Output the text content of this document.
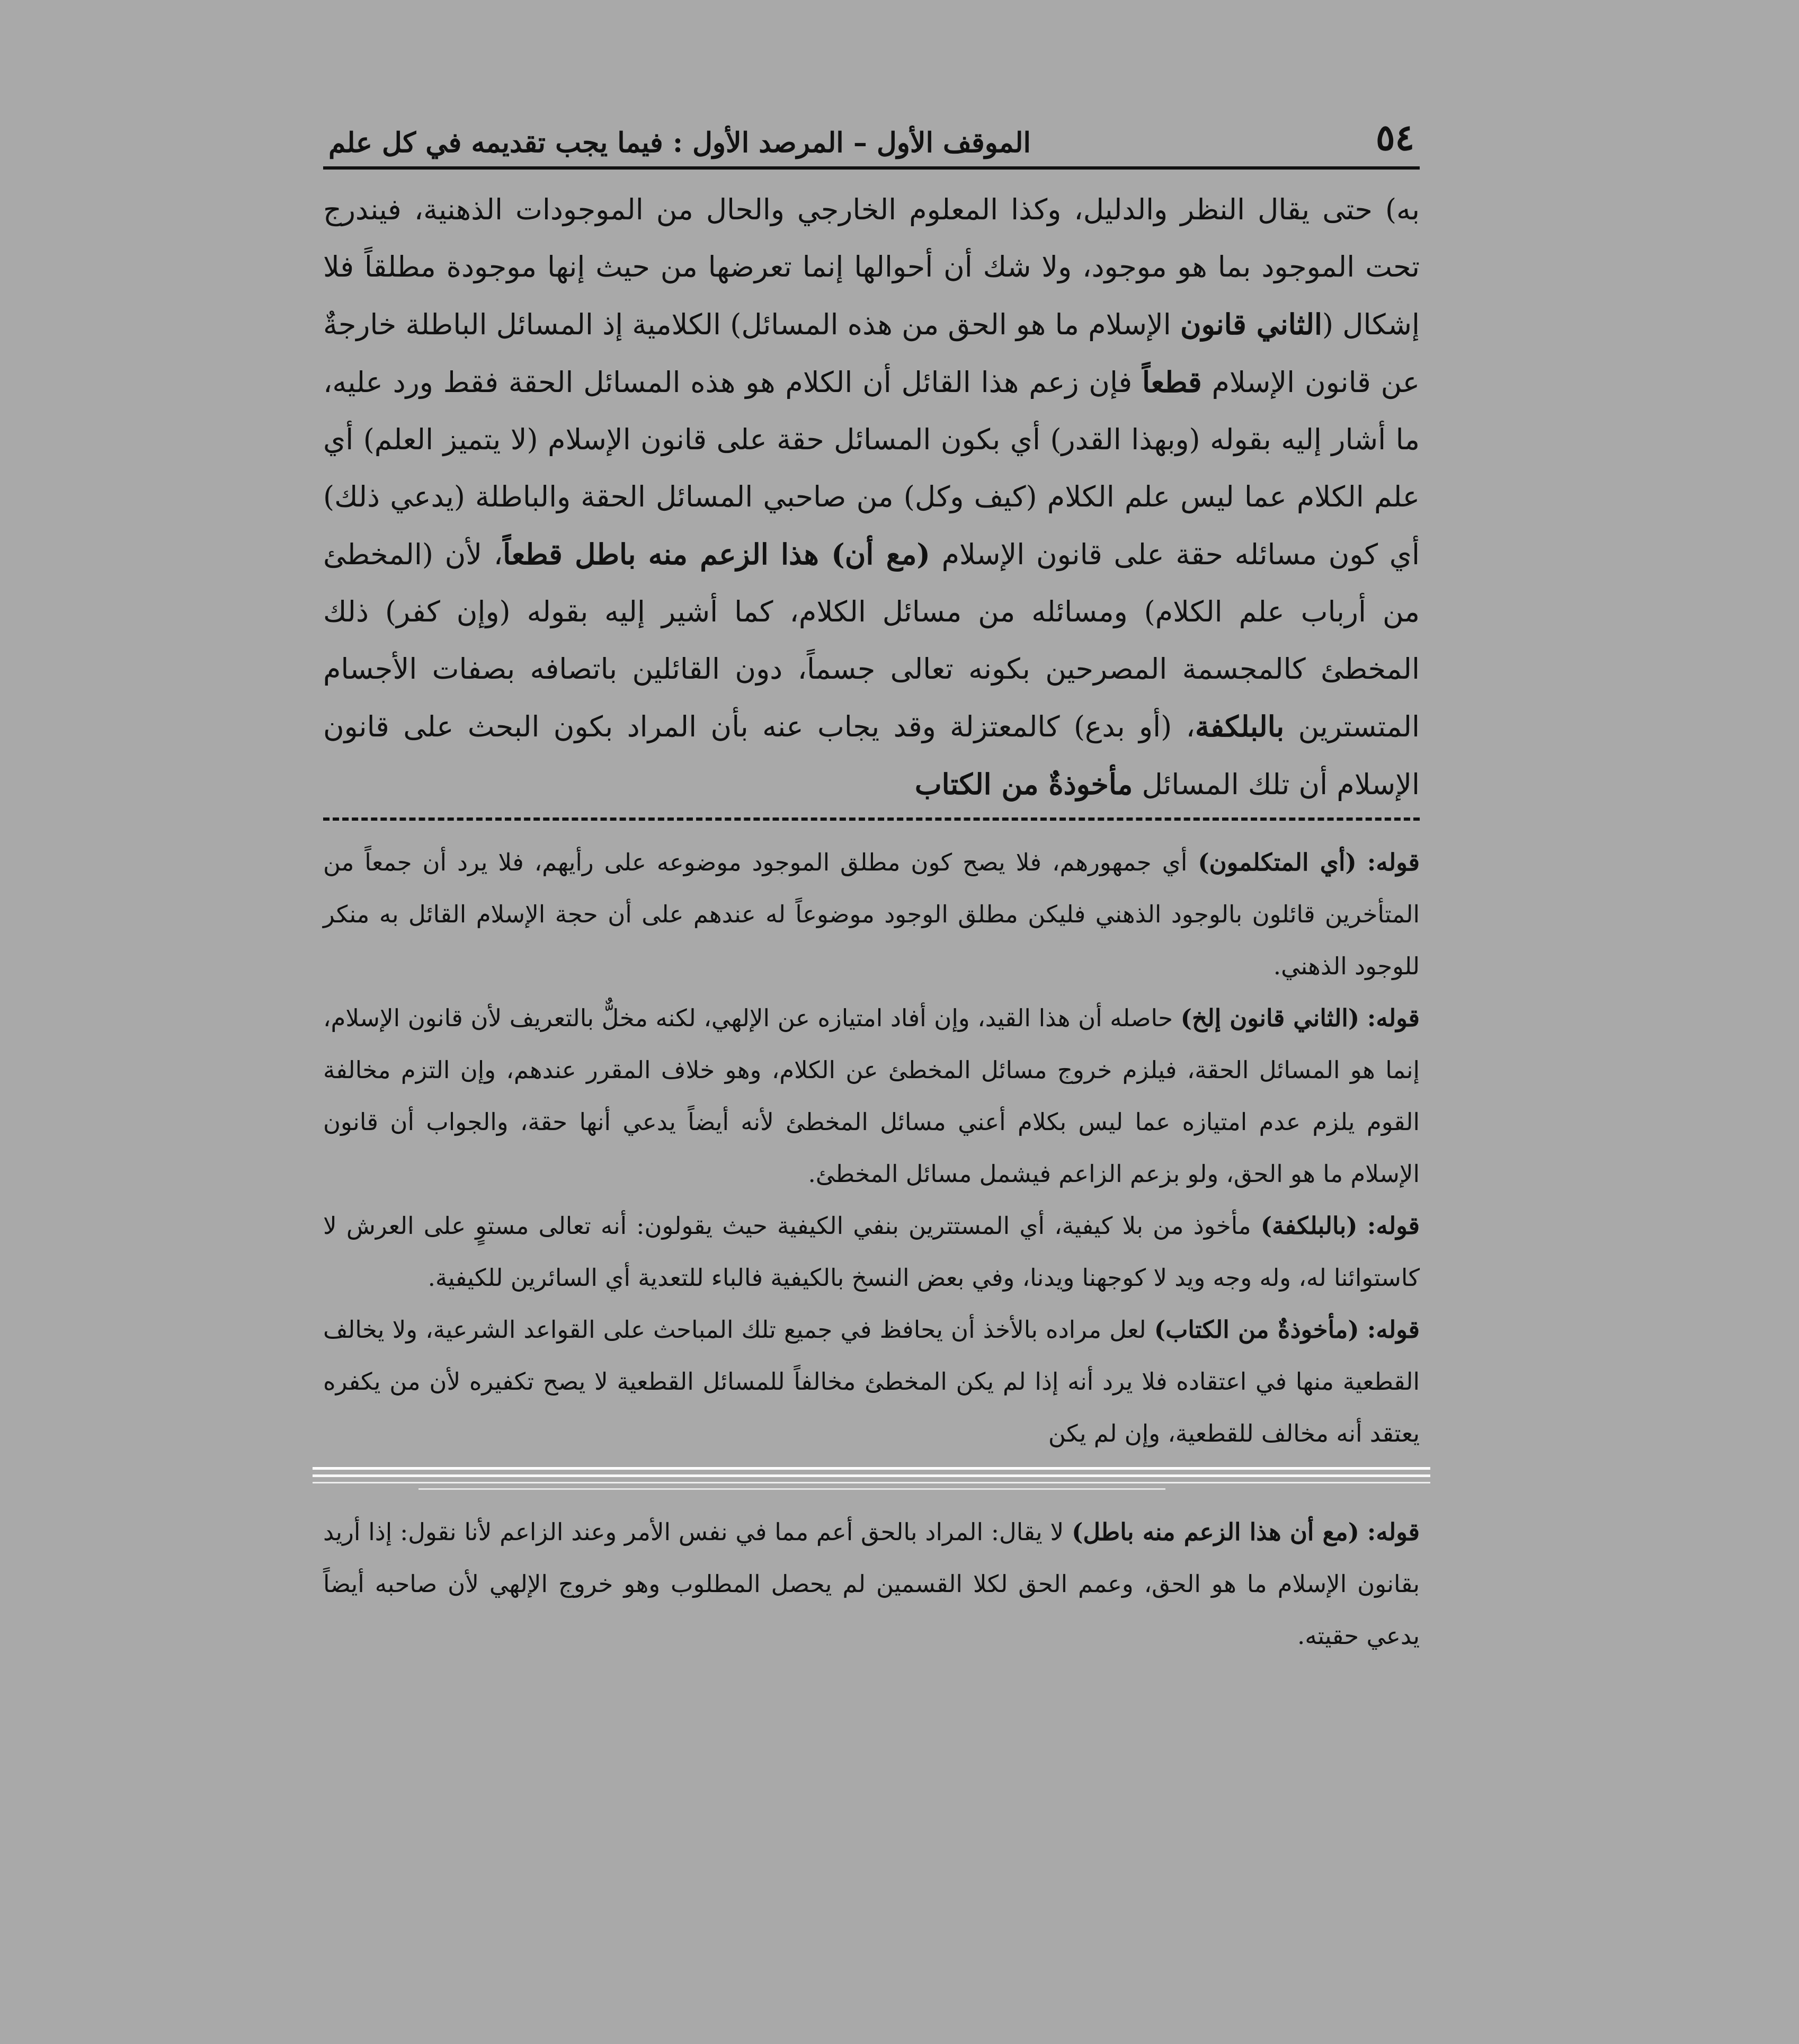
٥٤
الموقف الأول – المرصد الأول : فيما يجب تقديمه في كل علم
به) حتى يقال النظر والدليل، وكذا المعلوم الخارجي والحال من الموجودات الذهنية، فيندرج تحت الموجود بما هو موجود، ولا شك أن أحوالها إنما تعرضها من حيث إنها موجودة مطلقاً فلا إشكال (الثاني قانون الإسلام ما هو الحق من هذه المسائل) الكلامية إذ المسائل الباطلة خارجةٌ عن قانون الإسلام قطعاً فإن زعم هذا القائل أن الكلام هو هذه المسائل الحقة فقط ورد عليه، ما أشار إليه بقوله (وبهذا القدر) أي بكون المسائل حقة على قانون الإسلام (لا يتميز العلم) أي علم الكلام عما ليس علم الكلام (كيف وكل) من صاحبي المسائل الحقة والباطلة (يدعي ذلك) أي كون مسائله حقة على قانون الإسلام (مع أن) هذا الزعم منه باطل قطعاً، لأن (المخطئ من أرباب علم الكلام) ومسائله من مسائل الكلام، كما أشير إليه بقوله (وإن كفر) ذلك المخطئ كالمجسمة المصرحين بكونه تعالى جسماً، دون القائلين باتصافه بصفات الأجسام المتسترين بالبلكفة، (أو بدع) كالمعتزلة وقد يجاب عنه بأن المراد بكون البحث على قانون الإسلام أن تلك المسائل مأخوذةٌ من الكتاب

قوله: (أي المتكلمون) أي جمهورهم، فلا يصح كون مطلق الموجود موضوعه على رأيهم، فلا يرد أن جمعاً من المتأخرين قائلون بالوجود الذهني فليكن مطلق الوجود موضوعاً له عندهم على أن حجة الإسلام القائل به منكر للوجود الذهني.

قوله: (الثاني قانون إلخ) حاصله أن هذا القيد، وإن أفاد امتيازه عن الإلهي، لكنه مخلٌّ بالتعريف لأن قانون الإسلام، إنما هو المسائل الحقة، فيلزم خروج مسائل المخطئ عن الكلام، وهو خلاف المقرر عندهم، وإن التزم مخالفة القوم يلزم عدم امتيازه عما ليس بكلام أعني مسائل المخطئ لأنه أيضاً يدعي أنها حقة، والجواب أن قانون الإسلام ما هو الحق، ولو بزعم الزاعم فيشمل مسائل المخطئ.

قوله: (بالبلكفة) مأخوذ من بلا كيفية، أي المستترين بنفي الكيفية حيث يقولون: أنه تعالى مستوٍ على العرش لا كاستوائنا له، وله وجه ويد لا كوجهنا ويدنا، وفي بعض النسخ بالكيفية فالباء للتعدية أي السائرين للكيفية.

قوله: (مأخوذةٌ من الكتاب) لعل مراده بالأخذ أن يحافظ في جميع تلك المباحث على القواعد الشرعية، ولا يخالف القطعية منها في اعتقاده فلا يرد أنه إذا لم يكن المخطئ مخالفاً للمسائل القطعية لا يصح تكفيره لأن من يكفره يعتقد أنه مخالف للقطعية، وإن لم يكن

قوله: (مع أن هذا الزعم منه باطل) لا يقال: المراد بالحق أعم مما في نفس الأمر وعند الزاعم لأنا نقول: إذا أريد بقانون الإسلام ما هو الحق، وعمم الحق لكلا القسمين لم يحصل المطلوب وهو خروج الإلهي لأن صاحبه أيضاً يدعي حقيته.
